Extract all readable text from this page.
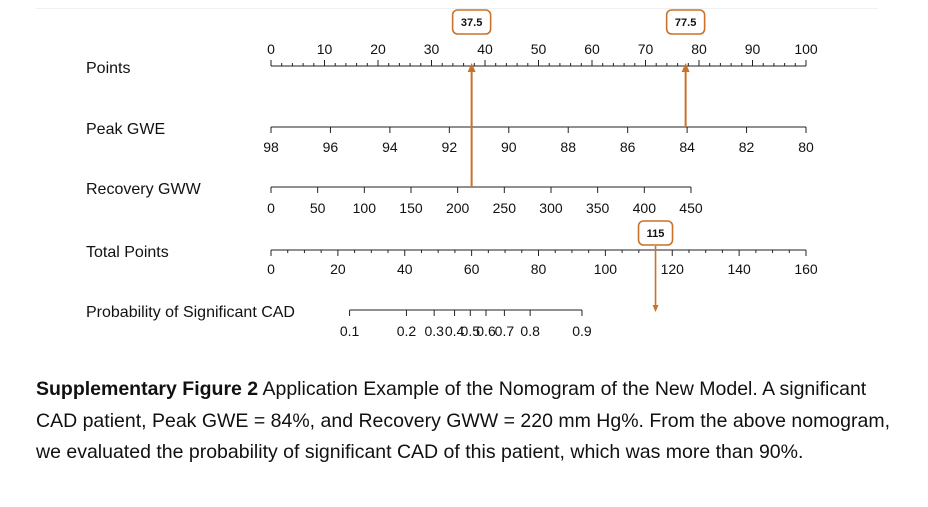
Points
0	10	20	30	40	50	60	70	80	90 100
Peak GWE
98	96	94	92	90	88	86	84	82	80
Recovery GWW
0 50 100 150 200 250 300 350 400 450
Total Points
0	20	40	60	80	100	120	140	160
Probability of Significant CAD
0.1	0.2 0.3 0.4
0.5
0.6
0.7 0.8 0.9
37.5	77.5
115
Supplementary Figure 2 Application Example of the Nomogram of the New Model. A significant CAD patient, Peak GWE = 84%, and Recovery GWW = 220 mm Hg%. From the above nomogram, we evaluated the probability of significant CAD of this patient, which was more than 90%.
